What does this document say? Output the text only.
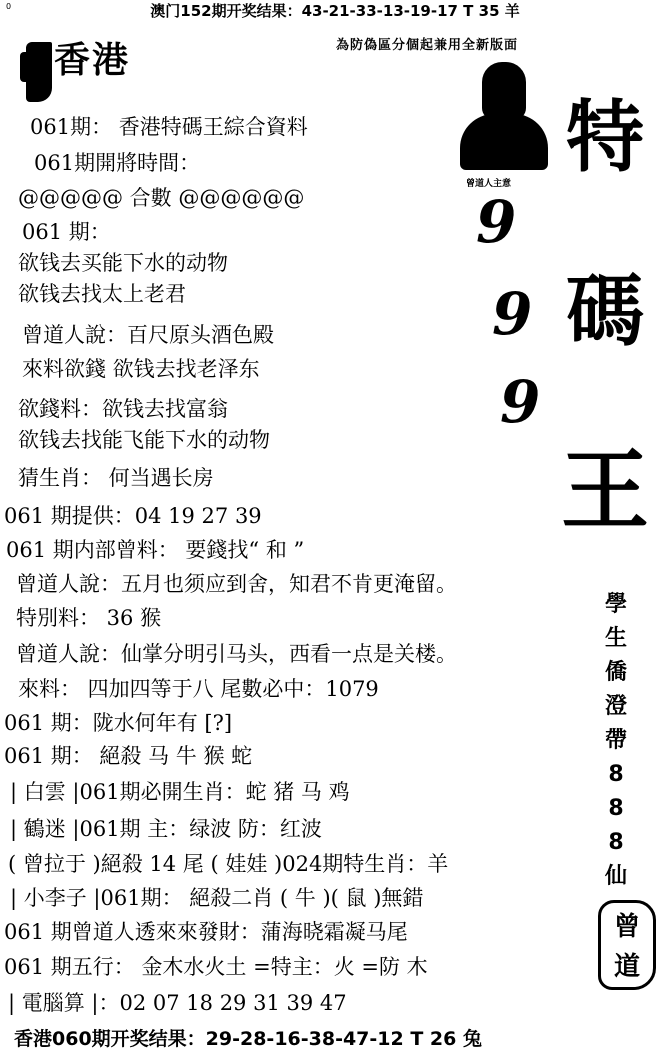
0	澳门152期开奖结果：43-21-33-13-19-17 T 35 羊
香港	為防偽區分個起兼用全新版面
曾道人主意
9
9
9
特
碼
王
學
生
僑
澄
帶
8
8
8
仙
曾
道
061期： 香港特碼王綜合資料
061期開將時間：
@@@@@ 合數 @@@@@@
061 期：
欲钱去买能下水的动物
欲钱去找太上老君
曾道人說：百尺原头酒色殿
來料欲錢 欲钱去找老泽东
欲錢料：欲钱去找富翁
欲钱去找能飞能下水的动物
猜生肖： 何当遇长房
061 期提供：04 19 27 39
061 期内部曾料： 要錢找“ 和 ”
曾道人說：五月也须应到舍，知君不肯更淹留。
特別料： 36 猴
曾道人說：仙掌分明引马头，西看一点是关楼。
來料： 四加四等于八 尾數必中：1079
061 期：陇水何年有 [?]
061 期： 絕殺 马 牛 猴 蛇
| 白雲 |061期必開生肖：蛇 猪 马 鸡
| 鶴迷 |061期 主：绿波 防：红波
( 曾拉于 )絕殺 14 尾 ( 娃娃 )024期特生肖：羊
| 小李子 |061期： 絕殺二肖 ( 牛 )( 鼠 )無錯
061 期曾道人透來來發財：蒲海晓霜凝马尾
061 期五行： 金木水火土 =特主：火 =防 木
| 電腦算 |：02 07 18 29 31 39 47
香港060期开奖结果：29-28-16-38-47-12 T 26 兔
